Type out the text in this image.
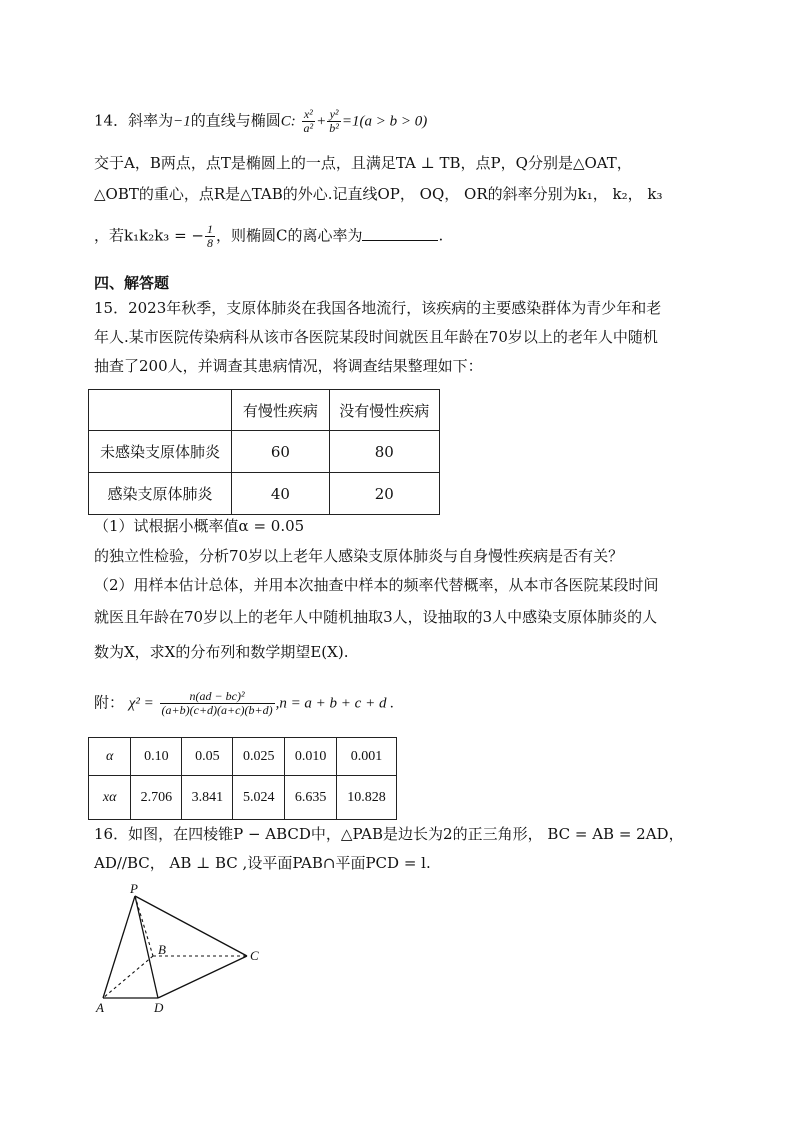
14．斜率为−1的直线与椭圆C: $\frac{\text{x²}}{\text{a²}} + \frac{\text{y²}}{\text{b²}} =1(a > b > 0)$
交于A，B两点，点T是椭圆上的一点，且满足TA ⊥ TB，点P，Q分别是△OAT，
△OBT的重心，点R是△TAB的外心.记直线OP， OQ， OR的斜率分别为k₁， k₂， k₃
，若k₁k₂k₃ = − $\frac{1}{8}$ ，则椭圆C的离心率为	.
四、解答题
15．2023年秋季，支原体肺炎在我国各地流行，该疾病的主要感染群体为青少年和老
年人.某市医院传染病科从该市各医院某段时间就医且年龄在70岁以上的老年人中随机
抽查了200人，并调查其患病情况，将调查结果整理如下：
	有慢性疾病	没有慢性疾病
未感染支原体肺炎	60	80
感染支原体肺炎	40	20
（1）试根据小概率值α = 0.05
的独立性检验，分析70岁以上老年人感染支原体肺炎与自身慢性疾病是否有关？
（2）用样本估计总体，并用本次抽查中样本的频率代替概率，从本市各医院某段时间
就医且年龄在70岁以上的老年人中随机抽取3人，设抽取的3人中感染支原体肺炎的人
数为X，求X的分布列和数学期望E(X).
附： $\chi^2 = \frac{\text{n(ad − bc)²}}{(a+b)(c+d)(a+c)(b+d)} ,n = a + b + c + d$ .
α	0.10	0.05	0.025	0.010	0.001
xα	2.706	3.841	5.024	6.635	10.828
16．如图，在四棱锥P − ABCD中，△PAB是边长为2的正三角形， BC = AB = 2AD，
AD//BC， AB ⊥ BC ,设平面PAB∩平面PCD = l.
P
B	C
A	D
